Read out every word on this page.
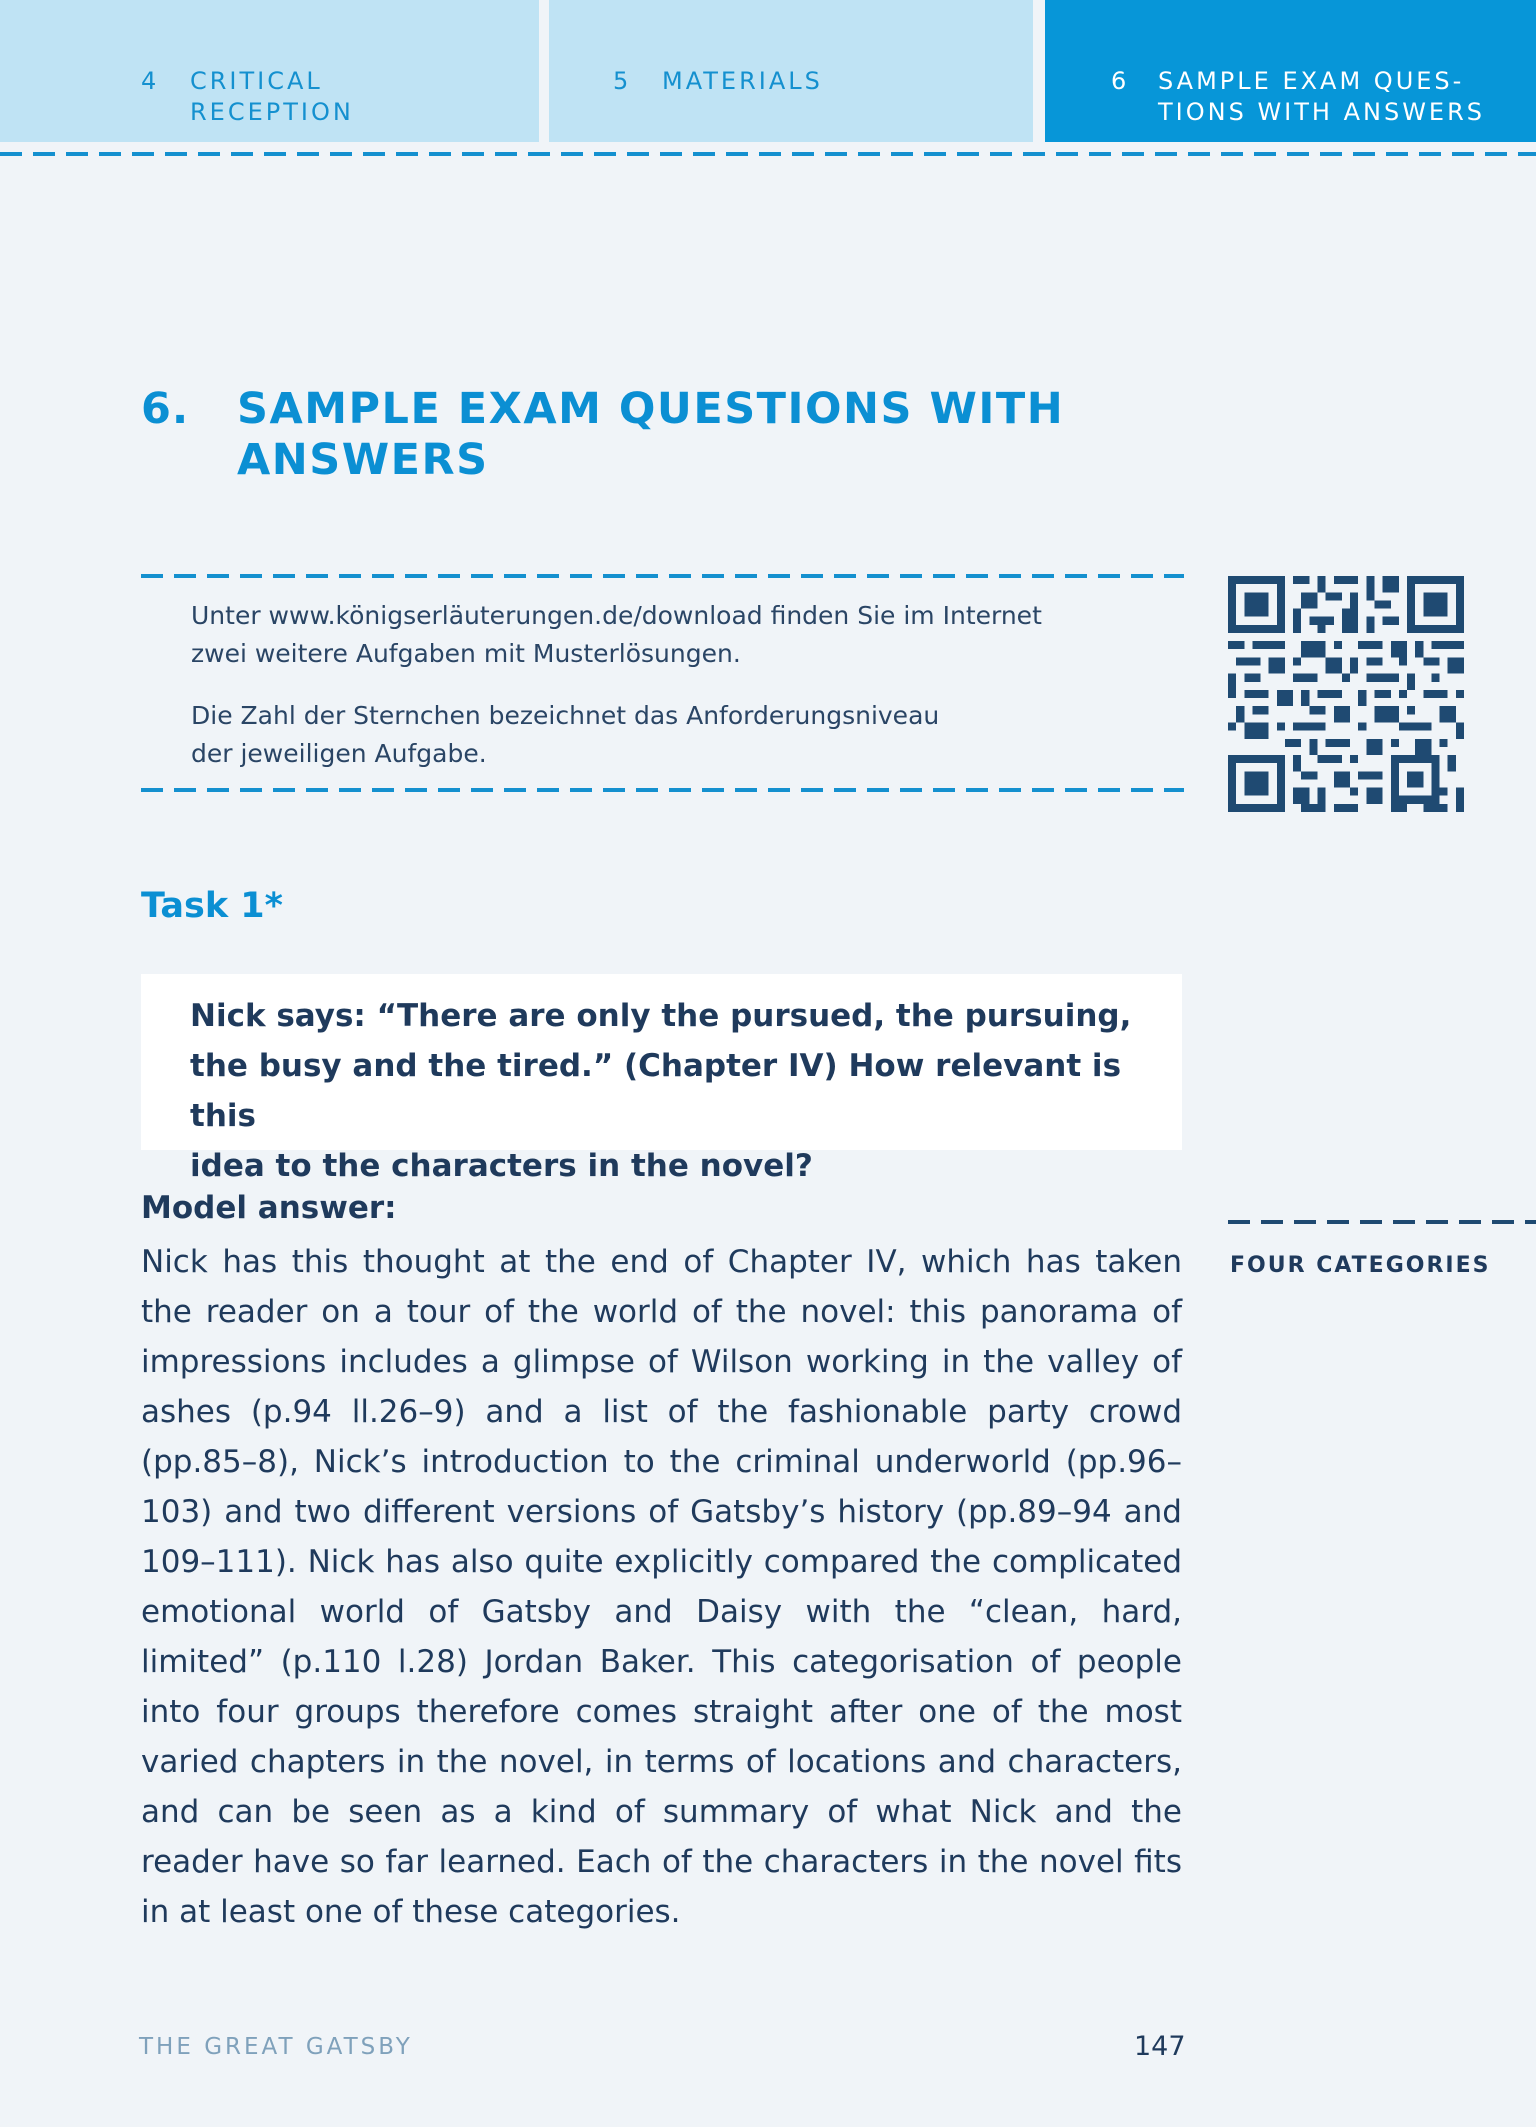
4 CRITICAL
RECEPTION
5 MATERIALS	6 SAMPLE EXAM QUES-
TIONS WITH ANSWERS
6. SAMPLE EXAM QUESTIONS WITH
ANSWERS
Unter www.königserläuterungen.de/download finden Sie im Internet
zwei weitere Aufgaben mit Musterlösungen.
Die Zahl der Sternchen bezeichnet das Anforderungsniveau
der jeweiligen Aufgabe.
Task 1*
Nick says: “There are only the pursued, the pursuing,
the busy and the tired.” (Chapter IV) How relevant is this
idea to the characters in the novel?
Model answer:

Nick has this thought at the end of Chapter IV, which has taken the reader on a tour of the world of the novel: this panorama of impressions includes a glimpse of Wilson working in the valley of ashes (p.94 ll.26–9) and a list of the fashionable party crowd (pp.85–8), Nick’s introduction to the criminal underworld (pp.96–103) and two different versions of Gatsby’s history (pp.89–94 and 109–111). Nick has also quite explicitly compared the complicated emotional world of Gatsby and Daisy with the “clean, hard, limited” (p.110 l.28) Jordan Baker. This categorisation of people into four groups therefore comes straight after one of the most varied chapters in the novel, in terms of locations and characters, and can be seen as a kind of summary of what Nick and the reader have so far learned. Each of the characters in the novel fits in at least one of these categories.

FOUR CATEGORIES
THE GREAT GATSBY	147
